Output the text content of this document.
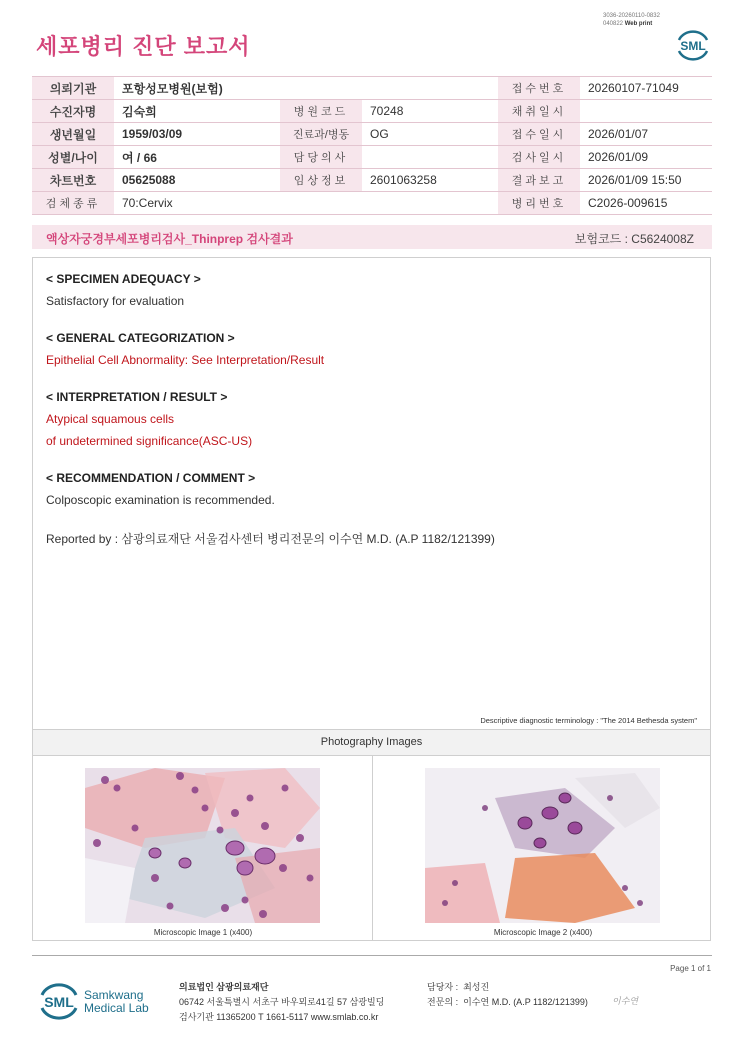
세포병리 진단 보고서
3036-20260110-0832
040822 Web print
SML
의뢰기관	포항성모병원(보험)			접수번호	20260107-71049
수진자명	김숙희	병원코드	70248	채취일시	
생년월일	1959/03/09	진료과/병동	OG	접수일시	2026/01/07
성별/나이	여 / 66	담당의사		검사일시	2026/01/09
차트번호	05625088	임상정보	2601063258	결과보고	2026/01/09 15:50
검체종류	70:Cervix			병리번호	C2026-009615
액상자궁경부세포병리검사_Thinprep 검사결과	보험코드 : C5624008Z
< SPECIMEN ADEQUACY >
Satisfactory for evaluation
< GENERAL CATEGORIZATION >
Epithelial Cell Abnormality: See Interpretation/Result
< INTERPRETATION / RESULT >
Atypical squamous cells
of undetermined significance(ASC-US)
< RECOMMENDATION / COMMENT >
Colposcopic examination is recommended.
Reported by : 삼광의료재단 서울검사센터 병리전문의 이수연 M.D. (A.P 1182/121399)
Descriptive diagnostic terminology : "The 2014 Bethesda system"
Photography Images
Microscopic Image 1 (x400)	Microscopic Image 2 (x400)
Page 1 of 1
SML Samkwang
Medical Lab
의료법인 삼광의료재단
06742 서울특별시 서초구 바우뫼로41길 57 삼광빌딩
검사기관 11365200 T 1661-5117 www.smlab.co.kr
담당자 : 최성진
전문의 : 이수연 M.D. (A.P 1182/121399)	이수연
